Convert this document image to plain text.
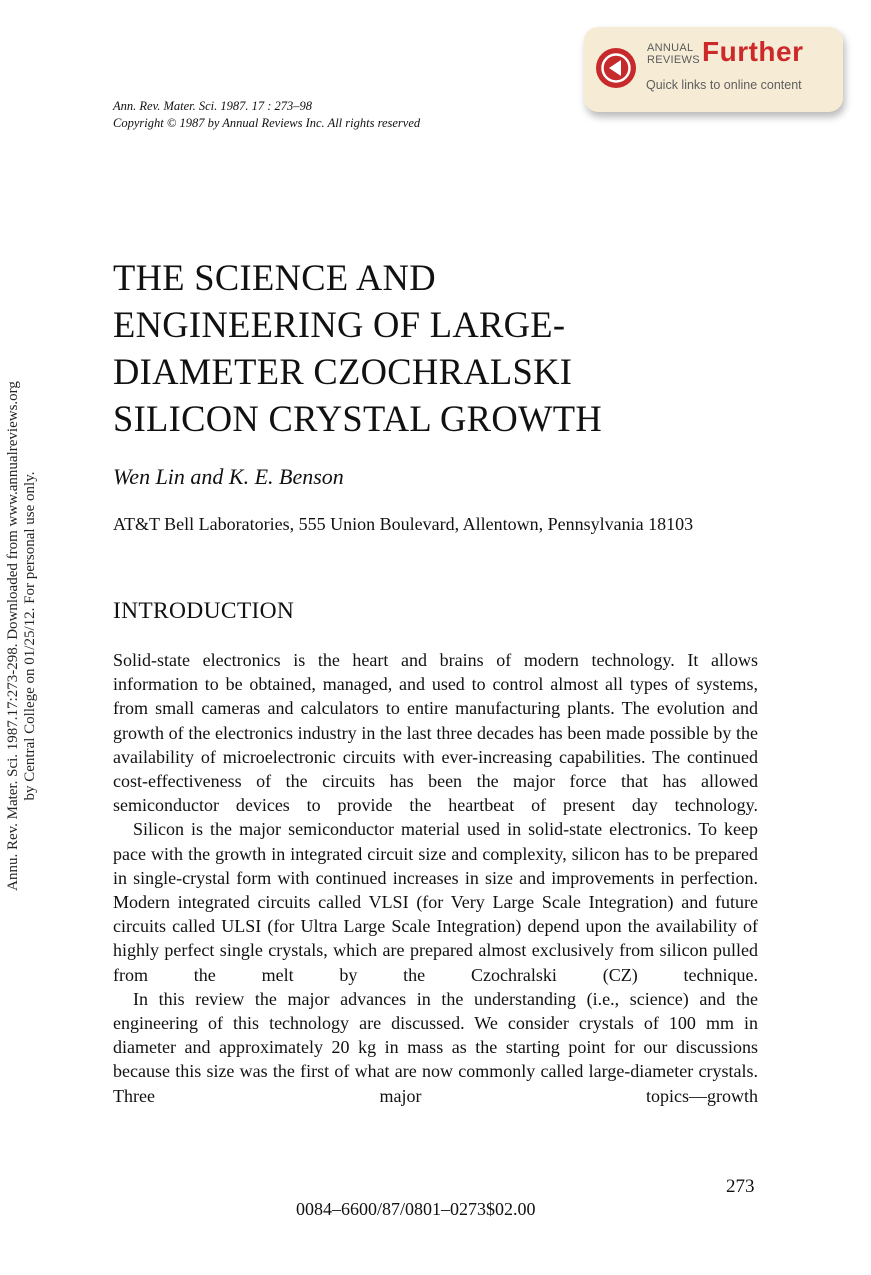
ANNUAL
REVIEWS Further
Quick links to online content
Ann. Rev. Mater. Sci. 1987. 17 : 273–98
Copyright © 1987 by Annual Reviews Inc. All rights reserved
Annu. Rev. Mater. Sci. 1987.17:273-298. Downloaded from www.annualreviews.org by Central College on 01/25/12. For personal use only.
THE SCIENCE AND
ENGINEERING OF LARGE-
DIAMETER CZOCHRALSKI
SILICON CRYSTAL GROWTH
Wen Lin and K. E. Benson
AT&T Bell Laboratories, 555 Union Boulevard, Allentown, Pennsylvania 18103
INTRODUCTION

Solid-state electronics is the heart and brains of modern technology. It allows information to be obtained, managed, and used to control almost all types of systems, from small cameras and calculators to entire manufacturing plants. The evolution and growth of the electronics industry in the last three decades has been made possible by the availability of microelectronic circuits with ever-increasing capabilities. The continued cost-effectiveness of the circuits has been the major force that has allowed semiconductor devices to provide the heartbeat of present day technology.

Silicon is the major semiconductor material used in solid-state electronics. To keep pace with the growth in integrated circuit size and complexity, silicon has to be prepared in single-crystal form with continued increases in size and improvements in perfection. Modern integrated circuits called VLSI (for Very Large Scale Integration) and future circuits called ULSI (for Ultra Large Scale Integration) depend upon the availability of highly perfect single crystals, which are prepared almost exclusively from silicon pulled from the melt by the Czochralski (CZ) technique.

In this review the major advances in the understanding (i.e., science) and the engineering of this technology are discussed. We consider crystals of 100 mm in diameter and approximately 20 kg in mass as the starting point for our discussions because this size was the first of what are now commonly called large-diameter crystals. Three major topics—growth

273
0084–6600/87/0801–0273$02.00
